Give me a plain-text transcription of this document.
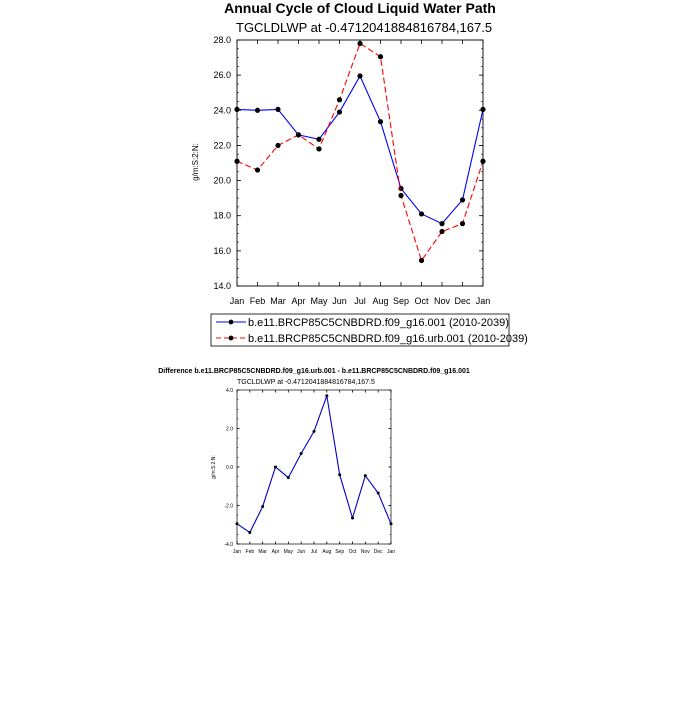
Annual Cycle of Cloud Liquid Water Path
TGCLDLWP at -0.4712041884816784,167.5
g/m:S:2:N:
Jan Feb Mar Apr May Jun Jul Aug Sep Oct Nov Dec Jan
14.0
16.0
18.0
20.0
22.0
24.0
26.0
28.0
b.e11.BRCP85C5CNBDRD.f09_g16.001 (2010-2039)
b.e11.BRCP85C5CNBDRD.f09_g16.urb.001 (2010-2039)
Difference b.e11.BRCP85C5CNBDRD.f09_g16.urb.001 - b.e11.BRCP85C5CNBDRD.f09_g16.001
TGCLDLWP at -0.4712041884816784,167.5
g/m:S:2:N:
Jan Feb Mar Apr May Jun Jul Aug Sep Oct Nov Dec Jan
-4.0
-2.0
0.0
2.0
4.0
